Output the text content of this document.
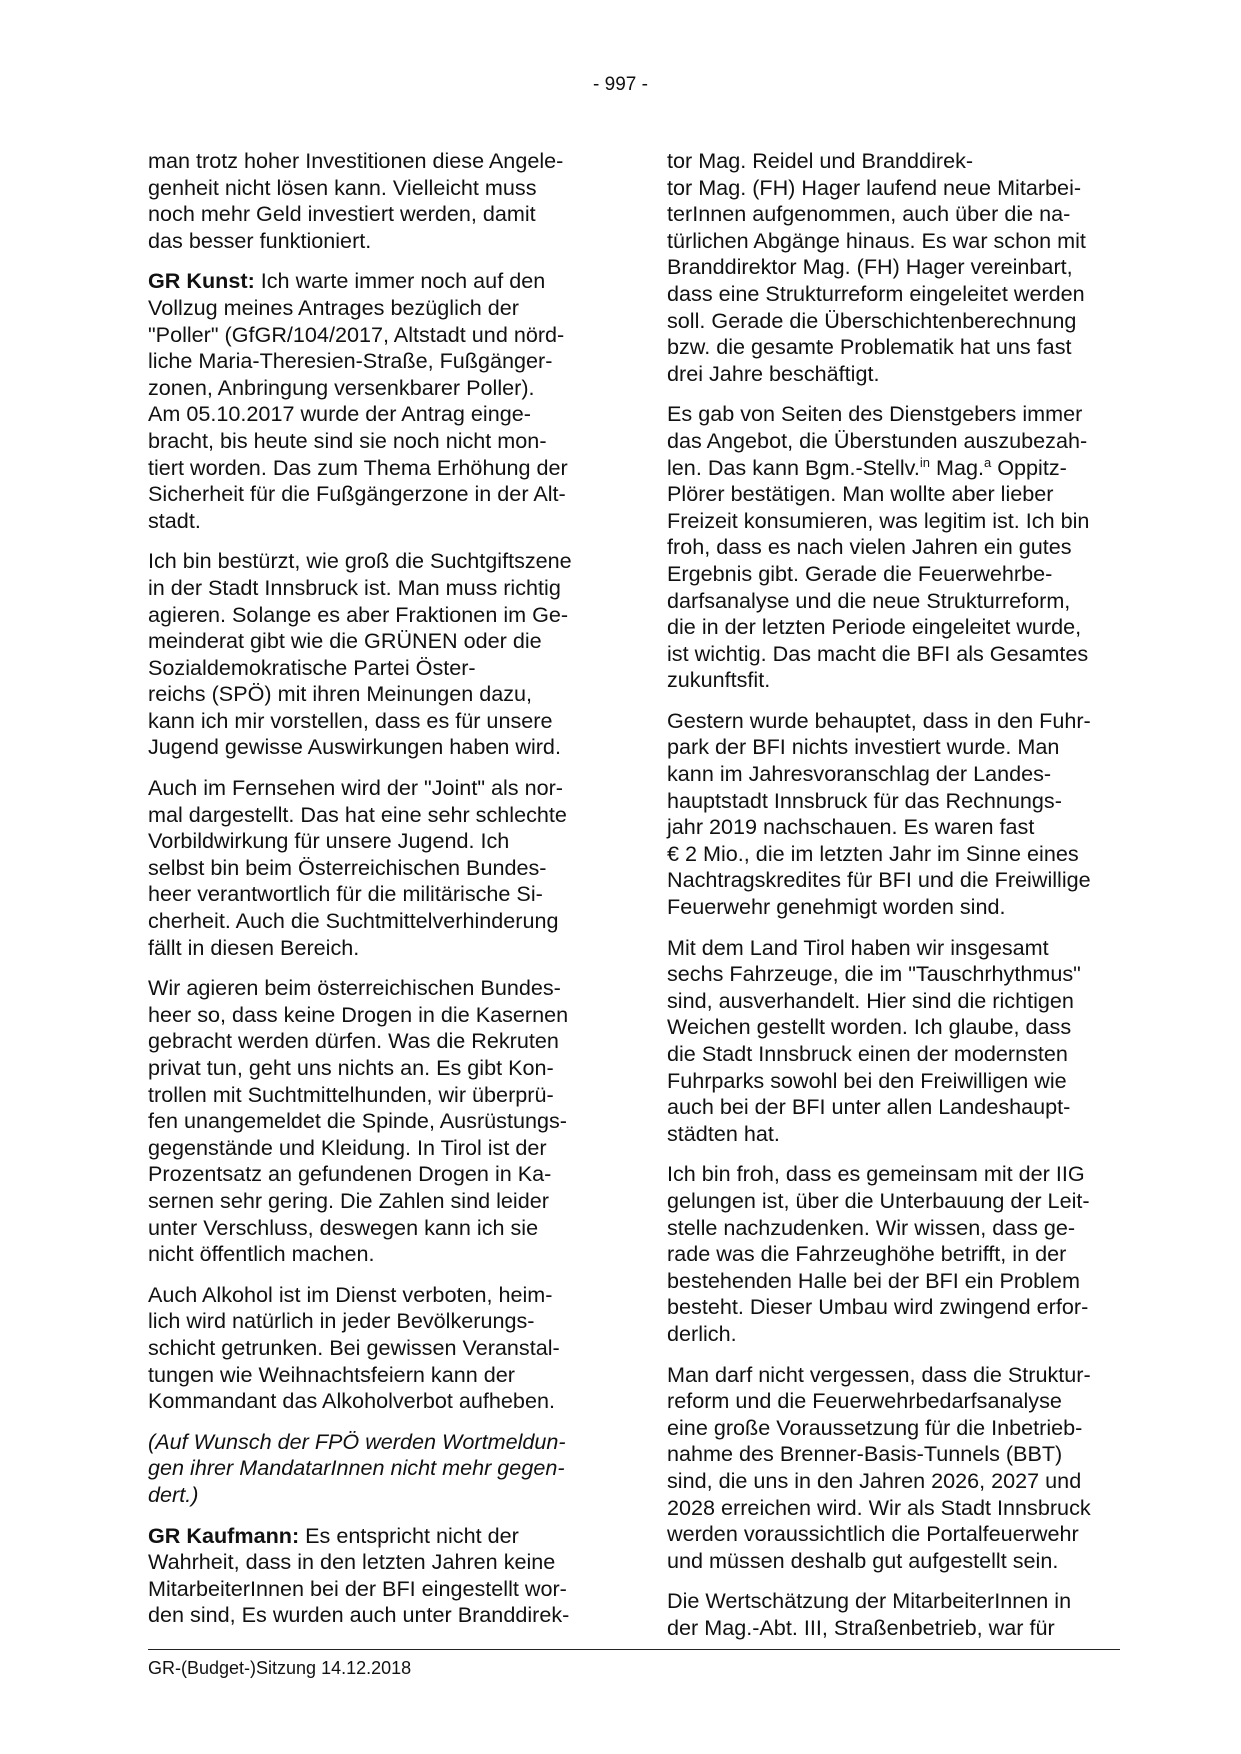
- 997 -

man trotz hoher Investitionen diese Angele-
genheit nicht lösen kann. Vielleicht muss
noch mehr Geld investiert werden, damit
das besser funktioniert.

GR Kunst: Ich warte immer noch auf den
Vollzug meines Antrages bezüglich der
"Poller" (GfGR/104/2017, Altstadt und nörd-
liche Maria-Theresien-Straße, Fußgänger-
zonen, Anbringung versenkbarer Poller).
Am 05.10.2017 wurde der Antrag einge-
bracht, bis heute sind sie noch nicht mon-
tiert worden. Das zum Thema Erhöhung der
Sicherheit für die Fußgängerzone in der Alt-
stadt.

Ich bin bestürzt, wie groß die Suchtgiftszene
in der Stadt Innsbruck ist. Man muss richtig
agieren. Solange es aber Fraktionen im Ge-
meinderat gibt wie die GRÜNEN oder die
Sozialdemokratische Partei Öster-
reichs (SPÖ) mit ihren Meinungen dazu,
kann ich mir vorstellen, dass es für unsere
Jugend gewisse Auswirkungen haben wird.

Auch im Fernsehen wird der "Joint" als nor-
mal dargestellt. Das hat eine sehr schlechte
Vorbildwirkung für unsere Jugend. Ich
selbst bin beim Österreichischen Bundes-
heer verantwortlich für die militärische Si-
cherheit. Auch die Suchtmittelverhinderung
fällt in diesen Bereich.

Wir agieren beim österreichischen Bundes-
heer so, dass keine Drogen in die Kasernen
gebracht werden dürfen. Was die Rekruten
privat tun, geht uns nichts an. Es gibt Kon-
trollen mit Suchtmittelhunden, wir überprü-
fen unangemeldet die Spinde, Ausrüstungs-
gegenstände und Kleidung. In Tirol ist der
Prozentsatz an gefundenen Drogen in Ka-
sernen sehr gering. Die Zahlen sind leider
unter Verschluss, deswegen kann ich sie
nicht öffentlich machen.

Auch Alkohol ist im Dienst verboten, heim-
lich wird natürlich in jeder Bevölkerungs-
schicht getrunken. Bei gewissen Veranstal-
tungen wie Weihnachtsfeiern kann der
Kommandant das Alkoholverbot aufheben.

(Auf Wunsch der FPÖ werden Wortmeldun-
gen ihrer MandatarInnen nicht mehr gegen-
dert.)

GR Kaufmann: Es entspricht nicht der
Wahrheit, dass in den letzten Jahren keine
MitarbeiterInnen bei der BFI eingestellt wor-
den sind, Es wurden auch unter Branddirek-

tor Mag. Reidel und Branddirek-
tor Mag. (FH) Hager laufend neue Mitarbei-
terInnen aufgenommen, auch über die na-
türlichen Abgänge hinaus. Es war schon mit
Branddirektor Mag. (FH) Hager vereinbart,
dass eine Strukturreform eingeleitet werden
soll. Gerade die Überschichtenberechnung
bzw. die gesamte Problematik hat uns fast
drei Jahre beschäftigt.

Es gab von Seiten des Dienstgebers immer
das Angebot, die Überstunden auszubezah-
len. Das kann Bgm.-Stellv.$^{in}$ Mag.$^a$ Oppitz-
Plörer bestätigen. Man wollte aber lieber
Freizeit konsumieren, was legitim ist. Ich bin
froh, dass es nach vielen Jahren ein gutes
Ergebnis gibt. Gerade die Feuerwehrbe-
darfsanalyse und die neue Strukturreform,
die in der letzten Periode eingeleitet wurde,
ist wichtig. Das macht die BFI als Gesamtes
zukunftsfit.

Gestern wurde behauptet, dass in den Fuhr-
park der BFI nichts investiert wurde. Man
kann im Jahresvoranschlag der Landes-
hauptstadt Innsbruck für das Rechnungs-
jahr 2019 nachschauen. Es waren fast
€ 2 Mio., die im letzten Jahr im Sinne eines
Nachtragskredites für BFI und die Freiwillige
Feuerwehr genehmigt worden sind.

Mit dem Land Tirol haben wir insgesamt
sechs Fahrzeuge, die im "Tauschrhythmus"
sind, ausverhandelt. Hier sind die richtigen
Weichen gestellt worden. Ich glaube, dass
die Stadt Innsbruck einen der modernsten
Fuhrparks sowohl bei den Freiwilligen wie
auch bei der BFI unter allen Landeshaupt-
städten hat.

Ich bin froh, dass es gemeinsam mit der IIG
gelungen ist, über die Unterbauung der Leit-
stelle nachzudenken. Wir wissen, dass ge-
rade was die Fahrzeughöhe betrifft, in der
bestehenden Halle bei der BFI ein Problem
besteht. Dieser Umbau wird zwingend erfor-
derlich.

Man darf nicht vergessen, dass die Struktur-
reform und die Feuerwehrbedarfsanalyse
eine große Voraussetzung für die Inbetrieb-
nahme des Brenner-Basis-Tunnels (BBT)
sind, die uns in den Jahren 2026, 2027 und
2028 erreichen wird. Wir als Stadt Innsbruck
werden voraussichtlich die Portalfeuerwehr
und müssen deshalb gut aufgestellt sein.

Die Wertschätzung der MitarbeiterInnen in
der Mag.-Abt. III, Straßenbetrieb, war für

GR-(Budget-)Sitzung 14.12.2018
